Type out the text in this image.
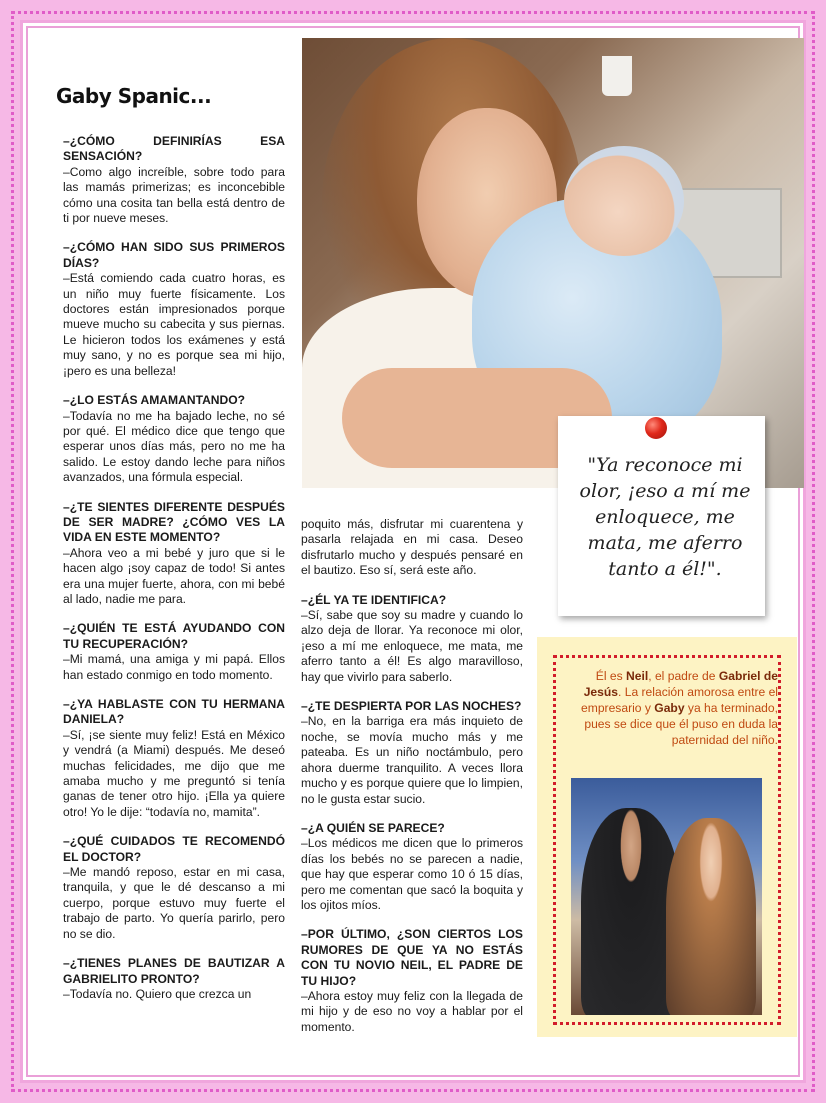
Gaby Spanic...
–¿CÓMO DEFINIRÍAS ESA SENSACIÓN?
–Como algo increíble, sobre todo para las mamás primerizas; es inconcebible cómo una cosita tan bella está dentro de ti por nueve meses.
–¿CÓMO HAN SIDO SUS PRIMEROS DÍAS?
–Está comiendo cada cuatro horas, es un niño muy fuerte físicamente. Los doctores están impresionados porque mueve mucho su cabecita y sus piernas. Le hicieron todos los exámenes y está muy sano, y no es porque sea mi hijo, ¡pero es una belleza!
–¿LO ESTÁS AMAMANTANDO?
–Todavía no me ha bajado leche, no sé por qué. El médico dice que tengo que esperar unos días más, pero no me ha salido. Le estoy dando leche para niños avanzados, una fórmula especial.
–¿TE SIENTES DIFERENTE DESPUÉS DE SER MADRE? ¿CÓMO VES LA VIDA EN ESTE MOMENTO?
–Ahora veo a mi bebé y juro que si le hacen algo ¡soy capaz de todo! Si antes era una mujer fuerte, ahora, con mi bebé al lado, nadie me para.
–¿QUIÉN TE ESTÁ AYUDANDO CON TU RECUPERACIÓN?
–Mi mamá, una amiga y mi papá. Ellos han estado conmigo en todo momento.
–¿YA HABLASTE CON TU HERMANA DANIELA?
–Sí, ¡se siente muy feliz! Está en México y vendrá (a Miami) después. Me deseó muchas felicidades, me dijo que me amaba mucho y me preguntó si tenía ganas de tener otro hijo. ¡Ella ya quiere otro! Yo le dije: “todavía no, mamita”.
–¿QUÉ CUIDADOS TE RECOMENDÓ EL DOCTOR?
–Me mandó reposo, estar en mi casa, tranquila, y que le dé descanso a mi cuerpo, porque estuvo muy fuerte el trabajo de parto. Yo quería parirlo, pero no se dio.
–¿TIENES PLANES DE BAUTIZAR A GABRIELITO PRONTO?
–Todavía no. Quiero que crezca un
poquito más, disfrutar mi cuarentena y pasarla relajada en mi casa. Deseo disfrutarlo mucho y después pensaré en el bautizo. Eso sí, será este año.
–¿ÉL YA TE IDENTIFICA?
–Sí, sabe que soy su madre y cuando lo alzo deja de llorar. Ya reconoce mi olor, ¡eso a mí me enloquece, me mata, me aferro tanto a él! Es algo maravilloso, hay que vivirlo para saberlo.
–¿TE DESPIERTA POR LAS NOCHES?
–No, en la barriga era más inquieto de noche, se movía mucho más y me pateaba. Es un niño noctámbulo, pero ahora duerme tranquilito. A veces llora mucho y es porque quiere que lo limpien, no le gusta estar sucio.
–¿A QUIÉN SE PARECE?
–Los médicos me dicen que lo primeros días los bebés no se parecen a nadie, que hay que esperar como 10 ó 15 días, pero me comentan que sacó la boquita y los ojitos míos.
–POR ÚLTIMO, ¿SON CIERTOS LOS RUMORES DE QUE YA NO ESTÁS CON TU NOVIO NEIL, EL PADRE DE TU HIJO?
–Ahora estoy muy feliz con la llegada de mi hijo y de eso no voy a hablar por el momento.
"Ya reconoce mi olor, ¡eso a mí me enloquece, me mata, me aferro tanto a él!".
Él es Neil, el padre de Gabriel de Jesús. La relación amorosa entre el empresario y Gaby ya ha terminado, pues se dice que él puso en duda la paternidad del niño.
